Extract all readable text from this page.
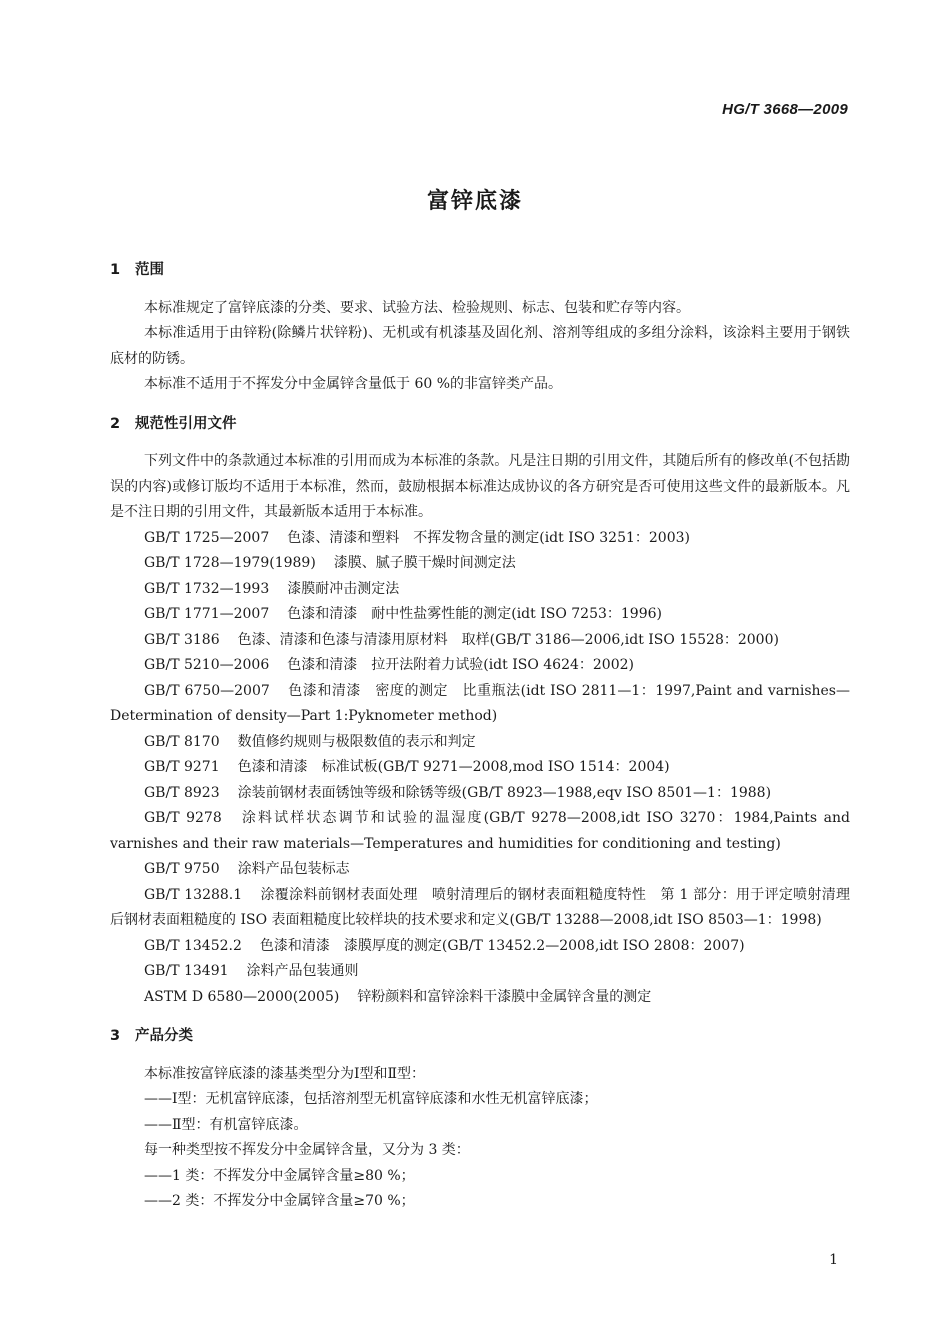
HG/T 3668—2009
富锌底漆
1 范围

本标准规定了富锌底漆的分类、要求、试验方法、检验规则、标志、包装和贮存等内容。

本标准适用于由锌粉(除鳞片状锌粉)、无机或有机漆基及固化剂、溶剂等组成的多组分涂料，该涂料主要用于钢铁底材的防锈。

本标准不适用于不挥发分中金属锌含量低于 60 %的非富锌类产品。

2 规范性引用文件

下列文件中的条款通过本标准的引用而成为本标准的条款。凡是注日期的引用文件，其随后所有的修改单(不包括勘误的内容)或修订版均不适用于本标准，然而，鼓励根据本标准达成协议的各方研究是否可使用这些文件的最新版本。凡是不注日期的引用文件，其最新版本适用于本标准。

GB/T 1725—2007 色漆、清漆和塑料　不挥发物含量的测定(idt ISO 3251：2003)

GB/T 1728—1979(1989) 漆膜、腻子膜干燥时间测定法

GB/T 1732—1993 漆膜耐冲击测定法

GB/T 1771—2007 色漆和清漆　耐中性盐雾性能的测定(idt ISO 7253：1996)

GB/T 3186 色漆、清漆和色漆与清漆用原材料　取样(GB/T 3186—2006,idt ISO 15528：2000)

GB/T 5210—2006 色漆和清漆　拉开法附着力试验(idt ISO 4624：2002)

GB/T 6750—2007 色漆和清漆　密度的测定　比重瓶法(idt ISO 2811—1：1997,Paint and varnishes—Determination of density—Part 1:Pyknometer method)

GB/T 8170 数值修约规则与极限数值的表示和判定

GB/T 9271 色漆和清漆　标准试板(GB/T 9271—2008,mod ISO 1514：2004)

GB/T 8923 涂装前钢材表面锈蚀等级和除锈等级(GB/T 8923—1988,eqv ISO 8501—1：1988)

GB/T 9278 涂料试样状态调节和试验的温湿度(GB/T 9278—2008,idt ISO 3270：1984,Paints and varnishes and their raw materials—Temperatures and humidities for conditioning and testing)

GB/T 9750 涂料产品包装标志

GB/T 13288.1 涂覆涂料前钢材表面处理　喷射清理后的钢材表面粗糙度特性　第 1 部分：用于评定喷射清理后钢材表面粗糙度的 ISO 表面粗糙度比较样块的技术要求和定义(GB/T 13288—2008,idt ISO 8503—1：1998)

GB/T 13452.2 色漆和清漆　漆膜厚度的测定(GB/T 13452.2—2008,idt ISO 2808：2007)

GB/T 13491 涂料产品包装通则

ASTM D 6580—2000(2005) 锌粉颜料和富锌涂料干漆膜中金属锌含量的测定

3 产品分类

本标准按富锌底漆的漆基类型分为Ⅰ型和Ⅱ型：

——Ⅰ型：无机富锌底漆，包括溶剂型无机富锌底漆和水性无机富锌底漆；

——Ⅱ型：有机富锌底漆。

每一种类型按不挥发分中金属锌含量，又分为 3 类：

——1 类：不挥发分中金属锌含量≥80 %；

——2 类：不挥发分中金属锌含量≥70 %；

1
